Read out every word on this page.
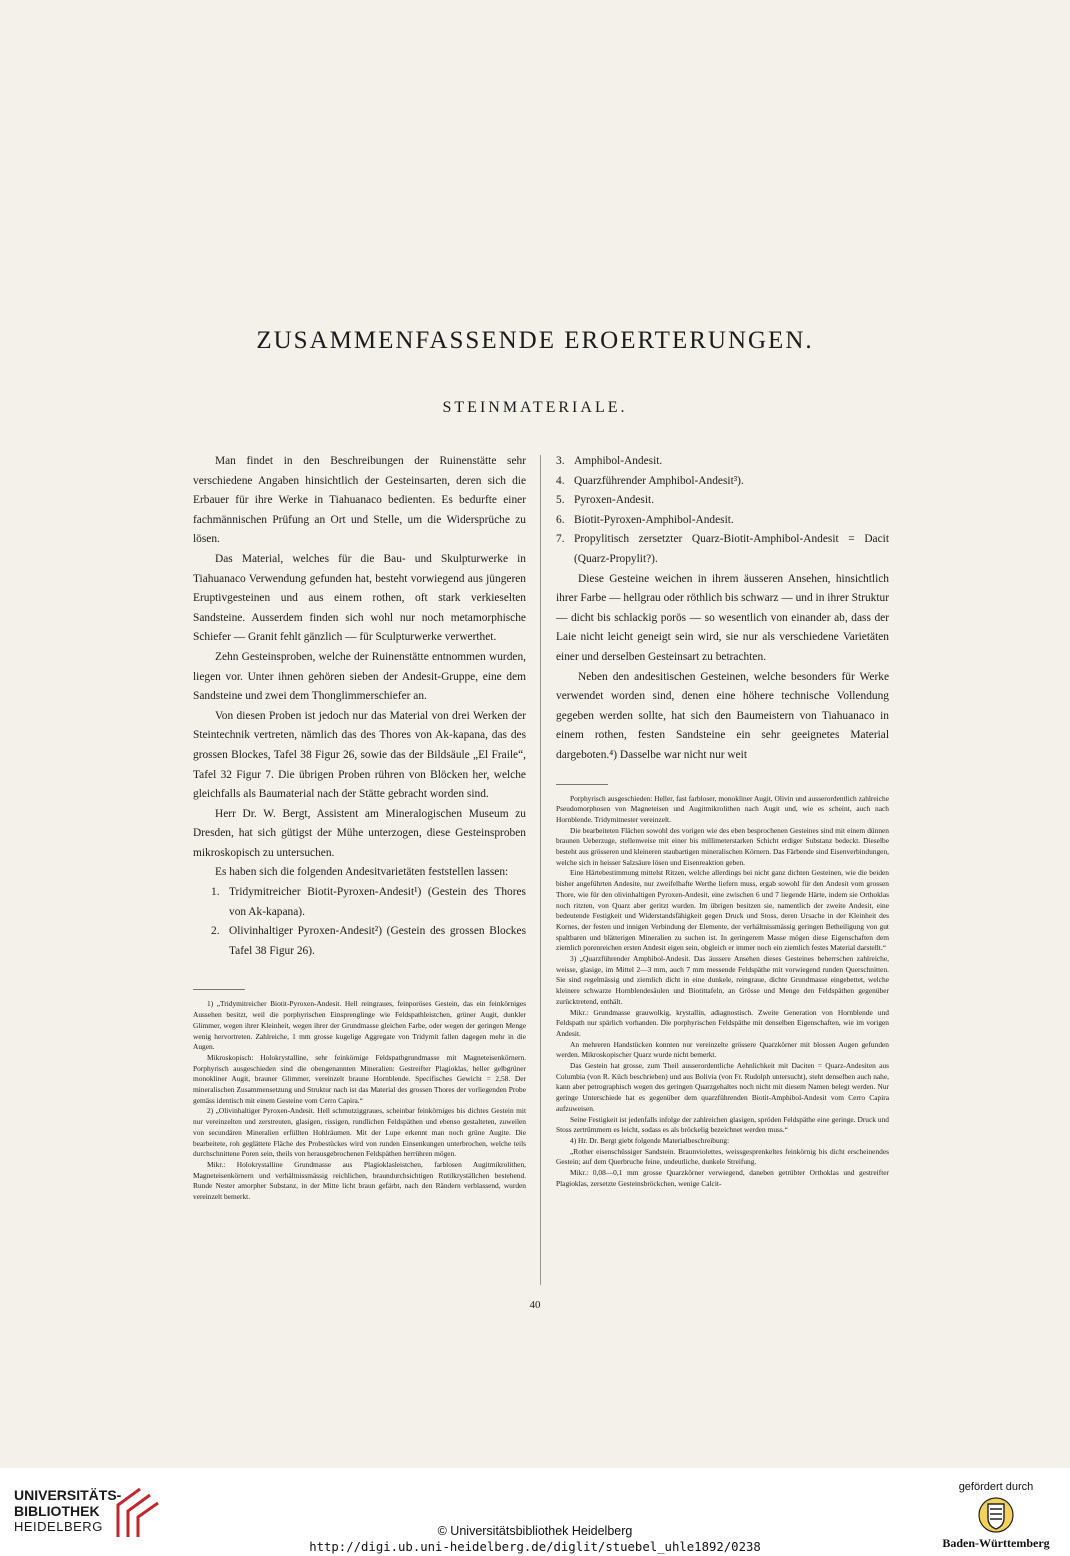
ZUSAMMENFASSENDE EROERTERUNGEN.
STEINMATERIALE.

Man findet in den Beschreibungen der Ruinenstätte sehr verschiedene Angaben hinsichtlich der Gesteinsarten, deren sich die Erbauer für ihre Werke in Tiahuanaco bedienten. Es bedurfte einer fachmännischen Prüfung an Ort und Stelle, um die Widersprüche zu lösen.

Das Material, welches für die Bau- und Skulpturwerke in Tiahuanaco Verwendung gefunden hat, besteht vorwiegend aus jüngeren Eruptivgesteinen und aus einem rothen, oft stark verkieselten Sandsteine. Ausserdem finden sich wohl nur noch metamorphische Schiefer — Granit fehlt gänzlich — für Sculpturwerke verwerthet.

Zehn Gesteinsproben, welche der Ruinenstätte entnommen wurden, liegen vor. Unter ihnen gehören sieben der Andesit-Gruppe, eine dem Sandsteine und zwei dem Thonglimmerschiefer an.

Von diesen Proben ist jedoch nur das Material von drei Werken der Steintechnik vertreten, nämlich das des Thores von Ak-kapana, das des grossen Blockes, Tafel 38 Figur 26, sowie das der Bildsäule „El Fraile“, Tafel 32 Figur 7. Die übrigen Proben rühren von Blöcken her, welche gleichfalls als Baumaterial nach der Stätte gebracht worden sind.

Herr Dr. W. Bergt, Assistent am Mineralogischen Museum zu Dresden, hat sich gütigst der Mühe unterzogen, diese Gesteinsproben mikroskopisch zu untersuchen.

Es haben sich die folgenden Andesitvarietäten feststellen lassen:

1. Tridymitreicher Biotit-Pyroxen-Andesit¹) (Gestein des Thores von Ak-kapana).

2. Olivinhaltiger Pyroxen-Andesit²) (Gestein des grossen Blockes Tafel 38 Figur 26).

1) „Tridymitreicher Biotit-Pyroxen-Andesit. Hell reingraues, feinporöses Gestein, das ein feinkörniges Aussehen besitzt, weil die porphyrischen Einsprenglinge wie Feldspathleistchen, grüner Augit, dunkler Glimmer, wegen ihrer Kleinheit, wegen ihrer der Grundmasse gleichen Farbe, oder wegen der geringen Menge wenig hervortreten. Zahlreiche, 1 mm grosse kugelige Aggregate von Tridymit fallen dagegen mehr in die Augen.

Mikroskopisch: Holokrystalline, sehr feinkörnige Feldspathgrundmasse mit Magneteisenkörnern. Porphyrisch ausgeschieden sind die obengenannten Mineralien: Gestreifter Plagioklas, heller gelbgrüner monokliner Augit, brauner Glimmer, vereinzelt braune Hornblende. Specifisches Gewicht = 2,58. Der mineralischen Zusammensetzung und Struktur nach ist das Material des grossen Thores der vorliegenden Probe gemäss identisch mit einem Gesteine vom Cerro Capira.“

2) „Olivinhaltiger Pyroxen-Andesit. Hell schmutziggraues, scheinbar feinkörniges bis dichtes Gestein mit nur vereinzelten und zerstreuten, glasigen, rissigen, rundlichen Feldspäthen und ebenso gestalteten, zuweilen von secundären Mineralien erfüllten Hohlräumen. Mit der Lupe erkennt man noch grüne Augite. Die bearbeitete, roh geglättete Fläche des Probestückes wird von runden Einsenkungen unterbrochen, welche teils durchschnittene Poren sein, theils von herausgebrochenen Feldspäthen herrühren mögen.

Mikr.: Holokrystalline Grundmasse aus Plagioklasleistchen, farblosen Augitmikrolithen, Magneteisenkörnern und verhältnissmässig reichlichen, braundurchsichtigen Rutilkryställchen bestehend. Runde Nester amorpher Substanz, in der Mitte licht braun gefärbt, nach den Rändern verblassend, wurden vereinzelt bemerkt.

3. Amphibol-Andesit.

4. Quarzführender Amphibol-Andesit³).

5. Pyroxen-Andesit.

6. Biotit-Pyroxen-Amphibol-Andesit.

7. Propylitisch zersetzter Quarz-Biotit-Amphibol-Andesit = Dacit (Quarz-Propylit?).

Diese Gesteine weichen in ihrem äusseren Ansehen, hinsichtlich ihrer Farbe — hellgrau oder röthlich bis schwarz — und in ihrer Struktur — dicht bis schlackig porös — so wesentlich von einander ab, dass der Laie nicht leicht geneigt sein wird, sie nur als verschiedene Varietäten einer und derselben Gesteinsart zu betrachten.

Neben den andesitischen Gesteinen, welche besonders für Werke verwendet worden sind, denen eine höhere technische Vollendung gegeben werden sollte, hat sich den Baumeistern von Tiahuanaco in einem rothen, festen Sandsteine ein sehr geeignetes Material dargeboten.⁴) Dasselbe war nicht nur weit

Porphyrisch ausgeschieden: Heller, fast farbloser, monokliner Augit, Olivin und ausserordentlich zahlreiche Pseudomorphosen von Magneteisen und Augitmikrolithen nach Augit und, wie es scheint, auch nach Hornblende. Tridymitnester vereinzelt.

Die bearbeiteten Flächen sowohl des vorigen wie des eben besprochenen Gesteines sind mit einem dünnen braunen Ueberzuge, stellenweise mit einer bis millimeterstarken Schicht erdiger Substanz bedeckt. Dieselbe besteht aus grösseren und kleineren staubartigen mineralischen Körnern. Das Färbende sind Eisenverbindungen, welche sich in heisser Salzsäure lösen und Eisenreaktion geben.

Eine Härtebestimmung mittelst Ritzen, welche allerdings bei nicht ganz dichten Gesteinen, wie die beiden bisher angeführten Andesite, nur zweifelhafte Werthe liefern muss, ergab sowohl für den Andesit vom grossen Thore, wie für den olivinhaltigen Pyroxen-Andesit, eine zwischen 6 und 7 liegende Härte, indem sie Orthoklas noch ritzten, von Quarz aber geritzt wurden. Im übrigen besitzen sie, namentlich der zweite Andesit, eine bedeutende Festigkeit und Widerstandsfähigkeit gegen Druck und Stoss, deren Ursache in der Kleinheit des Kornes, der festen und innigen Verbindung der Elemente, der verhältnissmässig geringen Betheiligung von gut spaltbaren und blätterigen Mineralien zu suchen ist. In geringerem Masse mögen diese Eigenschaften dem ziemlich porenreichen ersten Andesit eigen sein, obgleich er immer noch ein ziemlich festes Material darstellt.“

3) „Quarzführender Amphibol-Andesit. Das äussere Ansehen dieses Gesteines beherrschen zahlreiche, weisse, glasige, im Mittel 2—3 mm, auch 7 mm messende Feldspäthe mit vorwiegend runden Querschnitten. Sie sind regelmässig und ziemlich dicht in eine dunkele, reingraue, dichte Grundmasse eingebettet, welche kleinere schwarze Hornblendesäulen und Biotittafeln, an Grösse und Menge den Feldspäthen gegenüber zurücktretend, enthält.

Mikr.: Grundmasse grauwolkig, krystallin, adiagnostisch. Zweite Generation von Hornblende und Feldspath nur spärlich vorhanden. Die porphyrischen Feldspäthe mit denselben Eigenschaften, wie im vorigen Andesit.

An mehreren Handstücken konnten nur vereinzelte grössere Quarzkörner mit blossen Augen gefunden werden. Mikroskopischer Quarz wurde nicht bemerkt.

Das Gestein hat grosse, zum Theil ausserordentliche Aehnlichkeit mit Daciten = Quarz-Andesiten aus Columbia (von R. Küch beschrieben) und aus Bolivia (von Fr. Rudolph untersucht), steht denselben auch nahe, kann aber petrographisch wegen des geringen Quarzgehaltes noch nicht mit diesem Namen belegt werden. Nur geringe Unterschiede hat es gegenüber dem quarzführenden Biotit-Amphibol-Andesit vom Cerro Capira aufzuweisen.

Seine Festigkeit ist jedenfalls infolge der zahlreichen glasigen, spröden Feldspäthe eine geringe. Druck und Stoss zertrümmern es leicht, sodass es als bröckelig bezeichnet werden muss.“

4) Hr. Dr. Bergt giebt folgende Materialbeschreibung:

„Rother eisenschüssiger Sandstein. Braunviolettes, weissgesprenkeltes feinkörnig bis dicht erscheinendes Gestein; auf dem Querbruche feine, undeutliche, dunkele Streifung.

Mikr.: 0,08—0,1 mm grosse Quarzkörner verwiegend, daneben getrübter Orthoklas und gestreifter Plagioklas, zersetzte Gesteinsbröckchen, wenige Calcit-

40

UNIVERSITÄTS-
BIBLIOTHEK
HEIDELBERG	© Universitätsbibliothek Heidelberg
http://digi.ub.uni-heidelberg.de/diglit/stuebel_uhle1892/0238
gefördert durch
Baden-Württemberg
